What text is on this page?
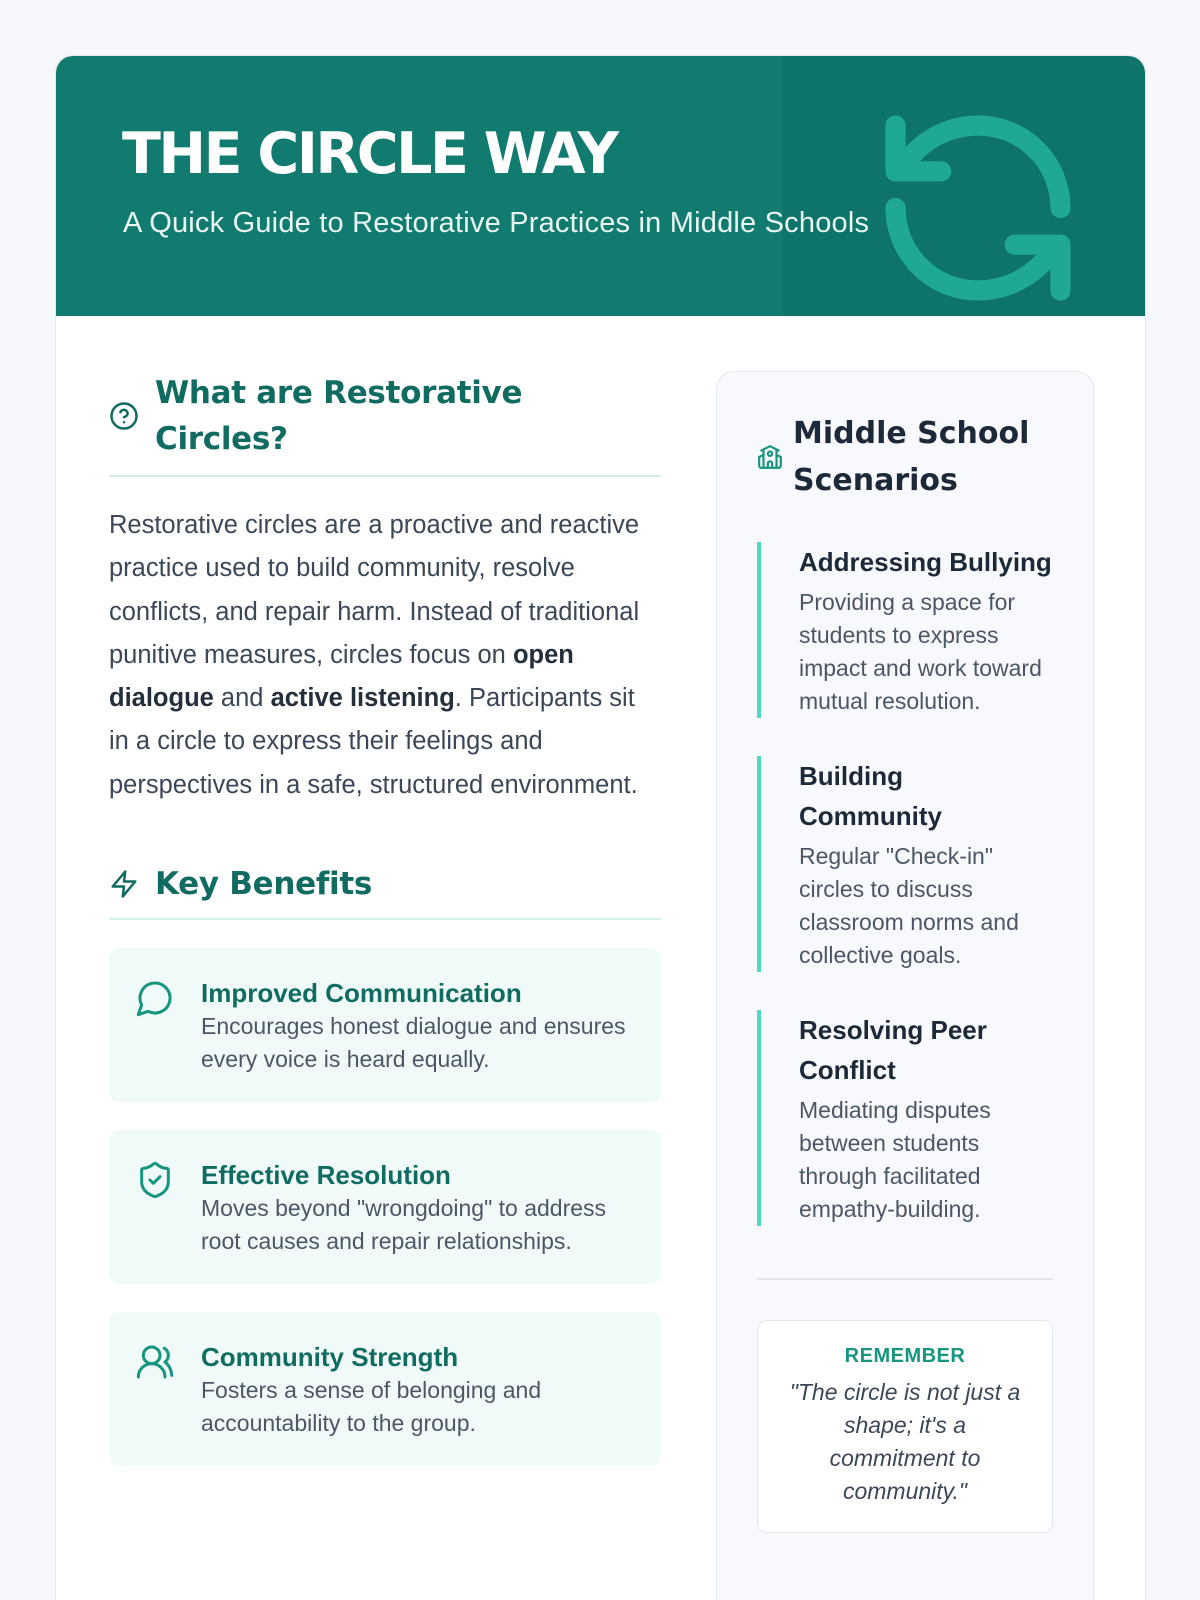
THE CIRCLE WAY
A Quick Guide to Restorative Practices in Middle Schools
What are Restorative Circles?

Restorative circles are a proactive and reactive practice used to build community, resolve conflicts, and repair harm. Instead of traditional punitive measures, circles focus on open dialogue and active listening. Participants sit in a circle to express their feelings and perspectives in a safe, structured environment.

Key Benefits
Improved Communication

Encourages honest dialogue and ensures every voice is heard equally.

Effective Resolution

Moves beyond "wrongdoing" to address root causes and repair relationships.

Community Strength

Fosters a sense of belonging and accountability to the group.

Middle School Scenarios
Addressing Bullying

Providing a space for students to express impact and work toward mutual resolution.

Building Community

Regular "Check-in" circles to discuss classroom norms and collective goals.

Resolving Peer Conflict

Mediating disputes between students through facilitated empathy-building.

REMEMBER
"The circle is not just a shape; it's a commitment to community."
